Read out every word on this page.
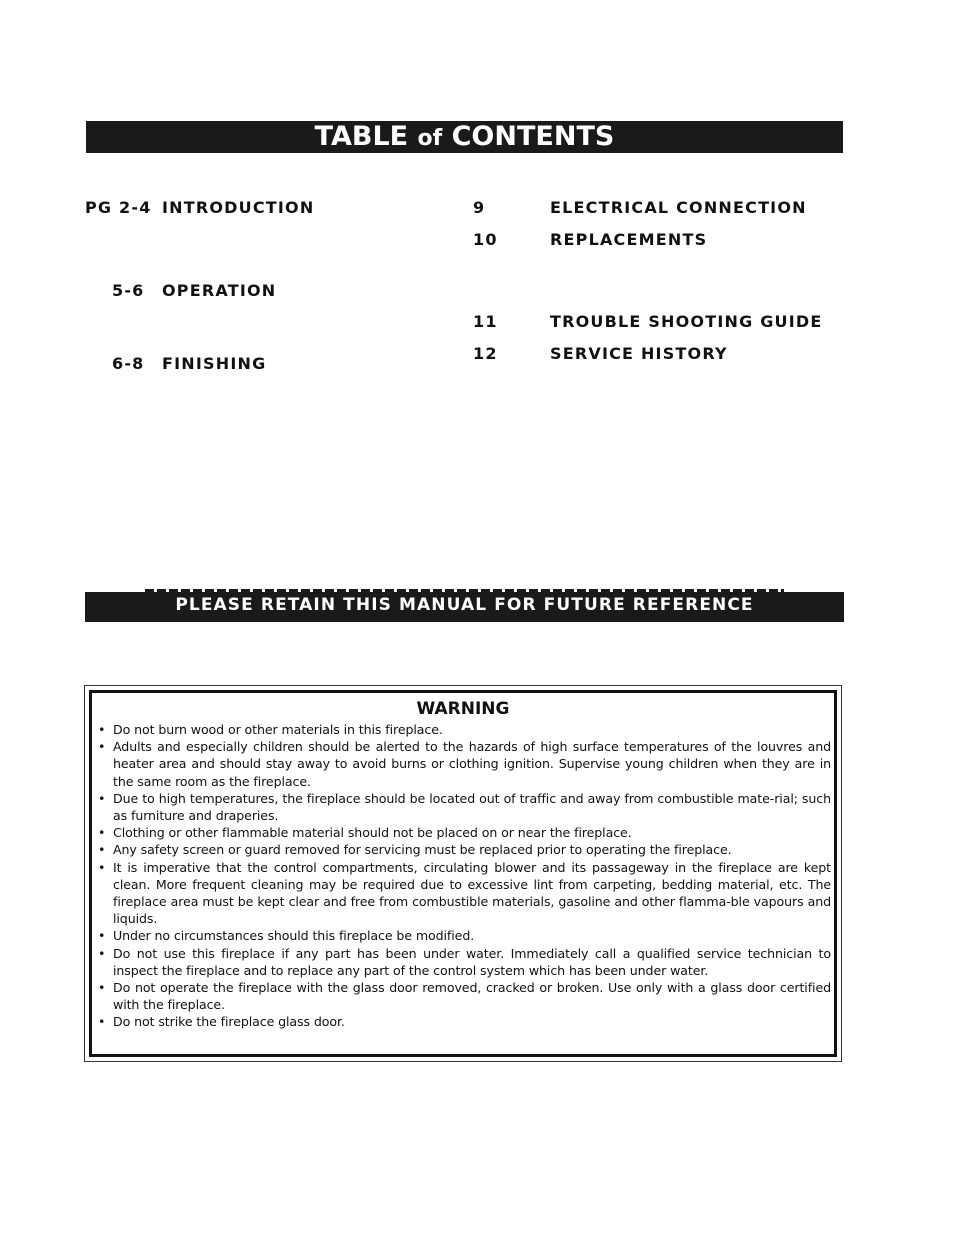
TABLE of CONTENTS
PG 2-4 INTRODUCTION
5-6 OPERATION
6-8 FINISHING
9	ELECTRICAL CONNECTION
10	REPLACEMENTS
11	TROUBLE SHOOTING GUIDE
12	SERVICE HISTORY
PLEASE RETAIN THIS MANUAL FOR FUTURE REFERENCE
WARNING
• Do not burn wood or other materials in this fireplace.
• Adults and especially children should be alerted to the hazards of high surface temperatures of the louvres and heater area and should stay away to avoid burns or clothing ignition. Supervise young children when they are in the same room as the fireplace.
• Due to high temperatures, the fireplace should be located out of traffic and away from combustible mate-rial; such as furniture and draperies.
• Clothing or other flammable material should not be placed on or near the fireplace.
• Any safety screen or guard removed for servicing must be replaced prior to operating the fireplace.
• It is imperative that the control compartments, circulating blower and its passageway in the fireplace are kept clean. More frequent cleaning may be required due to excessive lint from carpeting, bedding material, etc. The fireplace area must be kept clear and free from combustible materials, gasoline and other flamma-ble vapours and liquids.
• Under no circumstances should this fireplace be modified.
• Do not use this fireplace if any part has been under water. Immediately call a qualified service technician to inspect the fireplace and to replace any part of the control system which has been under water.
• Do not operate the fireplace with the glass door removed, cracked or broken. Use only with a glass door certified with the fireplace.
• Do not strike the fireplace glass door.
